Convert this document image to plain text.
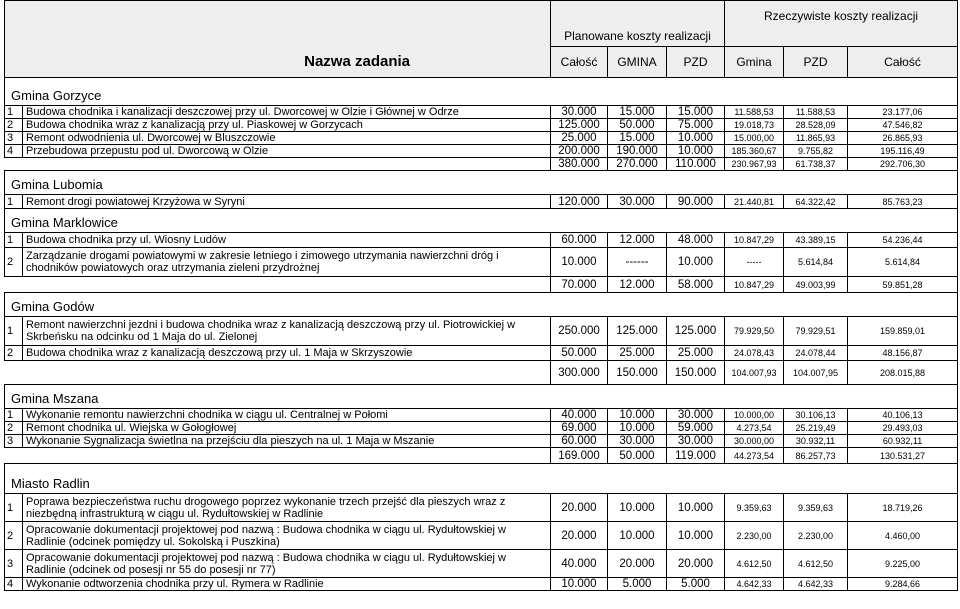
		Planowane koszty realizacji			Rzeczywiste koszty realizacji		
Nazwa zadania		Całość	GMINA	PZD	Gmina	PZD	Całość
Gmina Gorzyce							
1	Budowa chodnika i kanalizacji deszczowej przy ul. Dworcowej w Olzie i Głównej w Odrze	30.000	15.000	15.000	11.588,53	11.588,53	23.177,06
2	Budowa chodnika wraz z kanalizacją przy ul. Piaskowej w Gorzycach	125.000	50.000	75.000	19.018,73	28.528,09	47.546,82
3	Remont odwodnienia ul. Dworcowej w Bluszczowie	25.000	15.000	10.000	15.000,00	11.865,93	26.865,93
4	Przebudowa przepustu pod ul. Dworcową w Olzie	200.000	190.000	10.000	185.360,67	9.755,82	195.116,49
		380.000	270.000	110.000	230.967,93	61.738,37	292.706,30
Gmina Lubomia							
1	Remont drogi powiatowej Krzyżowa w Syryni	120.000	30.000	90.000	21.440,81	64.322,42	85.763,23
Gmina Marklowice							
1	Budowa chodnika przy ul. Wiosny Ludów	60.000	12.000	48.000	10.847,29	43.389,15	54.236,44
2	Zarządzanie drogami powiatowymi w zakresie letniego i zimowego utrzymania nawierzchni dróg i chodników powiatowych oraz utrzymania zieleni przydrożnej	10.000	------	10.000	-----	5.614,84	5.614,84
		70.000	12.000	58.000	10.847,29	49.003,99	59.851,28
Gmina Godów							
1	Remont nawierzchni jezdni i budowa chodnika wraz z kanalizacją deszczową przy ul. Piotrowickiej w Skrbeńsku na odcinku od 1 Maja do ul. Zielonej	250.000	125.000	125.000	79.929,50	79.929,51	159.859,01
2	Budowa chodnika wraz z kanalizacją deszczową przy ul. 1 Maja w Skrzyszowie	50.000	25.000	25.000	24.078,43	24.078,44	48.156,87
		300.000	150.000	150.000	104.007,93	104.007,95	208.015,88
Gmina Mszana							
1	Wykonanie remontu nawierzchni chodnika w ciągu ul. Centralnej w Połomi	40.000	10.000	30.000	10.000,00	30.106,13	40.106,13
2	Remont chodnika ul. Wiejska w Gołogłowej	69.000	10.000	59.000	4.273,54	25.219,49	29.493,03
3	Wykonanie Sygnalizacja świetlna na przejściu dla pieszych na ul. 1 Maja w Mszanie	60.000	30.000	30.000	30.000,00	30.932,11	60.932,11
		169.000	50.000	119.000	44.273,54	86.257,73	130.531,27
Miasto Radlin							
1	Poprawa bezpieczeństwa ruchu drogowego poprzez wykonanie trzech przejść dla pieszych wraz z niezbędną infrastrukturą w ciągu ul. Rydułtowskiej w Radlinie	20.000	10.000	10.000	9.359,63	9.359,63	18.719,26
2	Opracowanie dokumentacji projektowej pod nazwą : Budowa chodnika w ciągu ul. Rydułtowskiej w Radlinie (odcinek pomiędzy ul. Sokolską i Puszkina)	20.000	10.000	10.000	2.230,00	2.230,00	4.460,00
3	Opracowanie dokumentacji projektowej pod nazwą : Budowa chodnika w ciągu ul. Rydułtowskiej w Radlinie (odcinek od posesji nr 55 do posesji nr 77)	40.000	20.000	20.000	4.612,50	4.612,50	9.225,00
4	Wykonanie odtworzenia chodnika przy ul. Rymera w Radlinie	10.000	5.000	5.000	4.642,33	4.642,33	9.284,66
